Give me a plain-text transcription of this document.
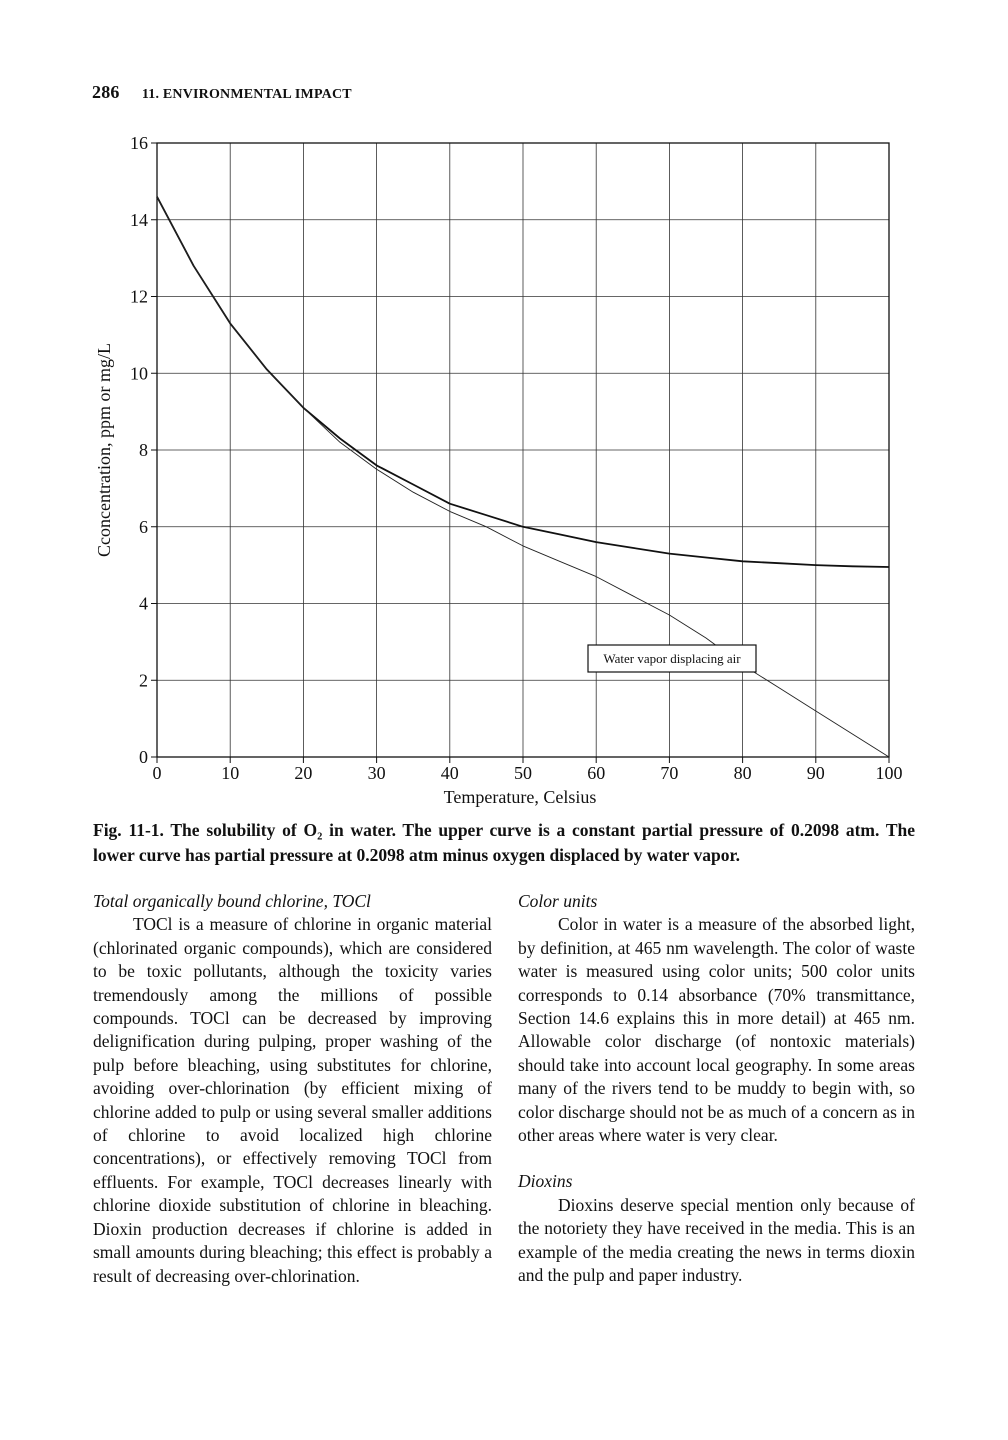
286 11. ENVIRONMENTAL IMPACT
0	10	20	30	40	50	60	70	80	90	100
0
2
4
6
8
10
12
14
16
Water vapor displacing air
Temperature, Celsius
Cconcentration, ppm or mg/L
Fig. 11-1. The solubility of O₂ in water. The upper curve is a constant partial pressure of 0.2098 atm. The lower curve has partial pressure at 0.2098 atm minus oxygen displaced by water vapor.
Total organically bound chlorine, TOCl

TOCl is a measure of chlorine in organic material (chlorinated organic compounds), which are considered to be toxic pollutants, although the toxicity varies tremendously among the millions of possible compounds. TOCl can be decreased by improving delignification during pulping, proper washing of the pulp before bleaching, using substitutes for chlorine, avoiding over-chlorination (by efficient mixing of chlorine added to pulp or using several smaller additions of chlorine to avoid localized high chlorine concentrations), or effectively removing TOCl from effluents. For example, TOCl decreases linearly with chlorine dioxide substitution of chlorine in bleaching. Dioxin production decreases if chlorine is added in small amounts during bleaching; this effect is probably a result of decreasing over-chlorination.

Color units

Color in water is a measure of the absorbed light, by definition, at 465 nm wavelength. The color of waste water is measured using color units; 500 color units corresponds to 0.14 absorbance (70% transmittance, Section 14.6 explains this in more detail) at 465 nm. Allowable color discharge (of nontoxic materials) should take into account local geography. In some areas many of the rivers tend to be muddy to begin with, so color discharge should not be as much of a concern as in other areas where water is very clear.

Dioxins

Dioxins deserve special mention only because of the notoriety they have received in the media. This is an example of the media creating the news in terms dioxin and the pulp and paper industry.
